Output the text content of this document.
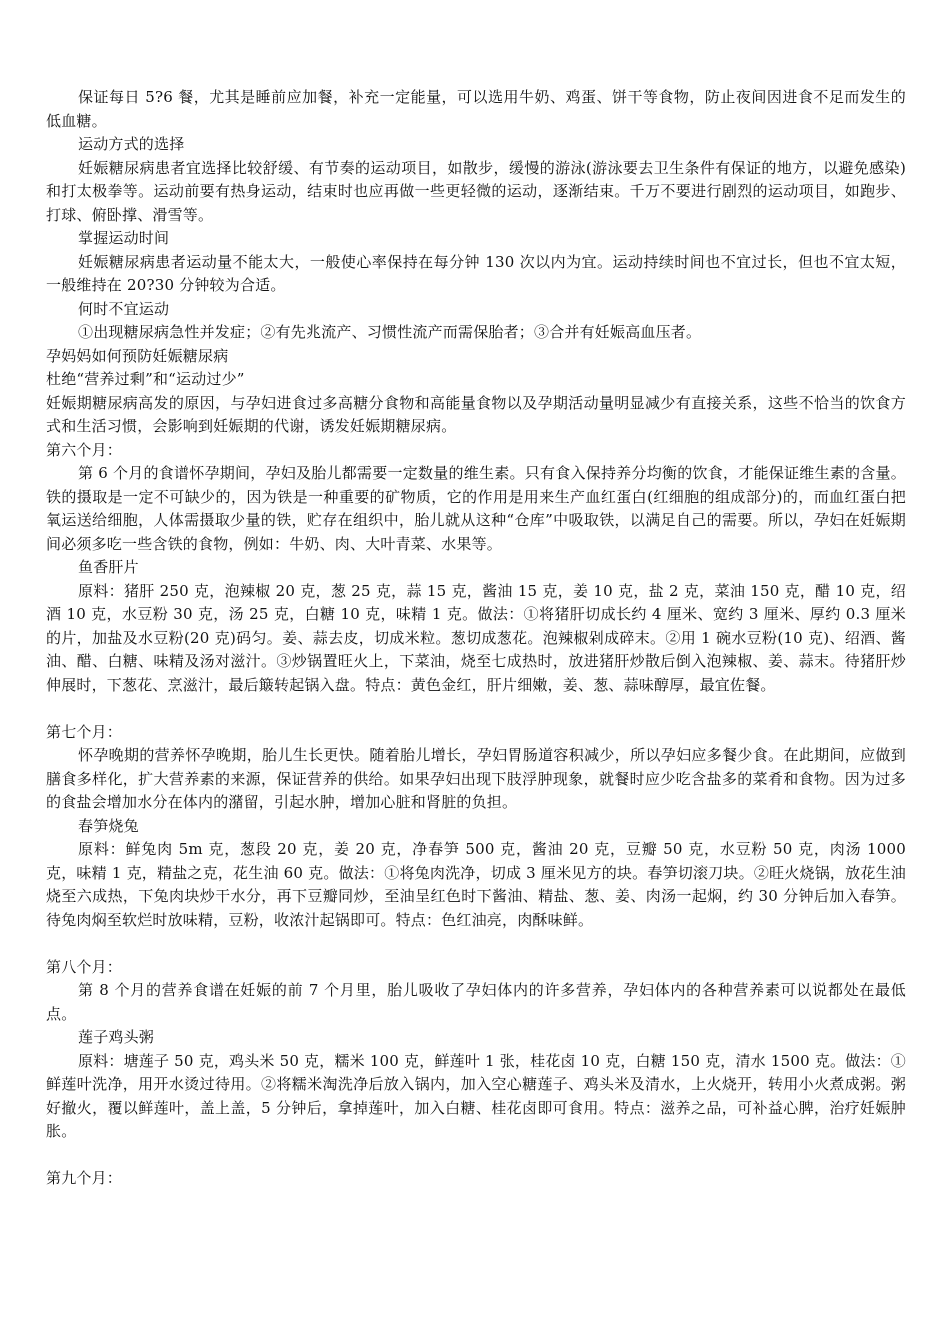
保证每日 5?6 餐，尤其是睡前应加餐，补充一定能量，可以选用牛奶、鸡蛋、饼干等食物，防止夜间因进食不足而发生的低血糖。

运动方式的选择

妊娠糖尿病患者宜选择比较舒缓、有节奏的运动项目，如散步，缓慢的游泳(游泳要去卫生条件有保证的地方，以避免感染)和打太极拳等。运动前要有热身运动，结束时也应再做一些更轻微的运动，逐渐结束。千万不要进行剧烈的运动项目，如跑步、打球、俯卧撑、滑雪等。

掌握运动时间

妊娠糖尿病患者运动量不能太大，一般使心率保持在每分钟 130 次以内为宜。运动持续时间也不宜过长，但也不宜太短，一般维持在 20?30 分钟较为合适。

何时不宜运动

①出现糖尿病急性并发症；②有先兆流产、习惯性流产而需保胎者；③合并有妊娠高血压者。

孕妈妈如何预防妊娠糖尿病

杜绝“营养过剩”和“运动过少”

妊娠期糖尿病高发的原因，与孕妇进食过多高糖分食物和高能量食物以及孕期活动量明显减少有直接关系，这些不恰当的饮食方式和生活习惯，会影响到妊娠期的代谢，诱发妊娠期糖尿病。

第六个月：

第 6 个月的食谱怀孕期间，孕妇及胎儿都需要一定数量的维生素。只有食入保持养分均衡的饮食，才能保证维生素的含量。铁的摄取是一定不可缺少的，因为铁是一种重要的矿物质，它的作用是用来生产血红蛋白(红细胞的组成部分)的，而血红蛋白把氧运送给细胞，人体需摄取少量的铁，贮存在组织中，胎儿就从这种“仓库”中吸取铁，以满足自己的需要。所以，孕妇在妊娠期间必须多吃一些含铁的食物，例如：牛奶、肉、大叶青菜、水果等。

鱼香肝片

原料：猪肝 250 克，泡辣椒 20 克，葱 25 克，蒜 15 克，酱油 15 克，姜 10 克，盐 2 克，菜油 150 克，醋 10 克，绍酒 10 克，水豆粉 30 克，汤 25 克，白糖 10 克，味精 1 克。做法：①将猪肝切成长约 4 厘米、宽约 3 厘米、厚约 0.3 厘米的片，加盐及水豆粉(20 克)码匀。姜、蒜去皮，切成米粒。葱切成葱花。泡辣椒剁成碎末。②用 1 碗水豆粉(10 克)、绍酒、酱油、醋、白糖、味精及汤对滋汁。③炒锅置旺火上，下菜油，烧至七成热时，放进猪肝炒散后倒入泡辣椒、姜、蒜末。待猪肝炒伸展时，下葱花、烹滋汁，最后簸转起锅入盘。特点：黄色金红，肝片细嫩，姜、葱、蒜味醇厚，最宜佐餐。

第七个月：

怀孕晚期的营养怀孕晚期，胎儿生长更快。随着胎儿增长，孕妇胃肠道容积减少，所以孕妇应多餐少食。在此期间，应做到膳食多样化，扩大营养素的来源，保证营养的供给。如果孕妇出现下肢浮肿现象，就餐时应少吃含盐多的菜肴和食物。因为过多的食盐会增加水分在体内的潴留，引起水肿，增加心脏和肾脏的负担。

春笋烧兔

原料：鲜兔肉 5m 克，葱段 20 克，姜 20 克，净春笋 500 克，酱油 20 克，豆瓣 50 克，水豆粉 50 克，肉汤 1000 克，味精 1 克，精盐之克，花生油 60 克。做法：①将兔肉洗净，切成 3 厘米见方的块。春笋切滚刀块。②旺火烧锅，放花生油烧至六成热，下兔肉块炒干水分，再下豆瓣同炒，至油呈红色时下酱油、精盐、葱、姜、肉汤一起焖，约 30 分钟后加入春笋。待兔肉焖至软烂时放味精，豆粉，收浓汁起锅即可。特点：色红油亮，肉酥味鲜。

第八个月：

第 8 个月的营养食谱在妊娠的前 7 个月里，胎儿吸收了孕妇体内的许多营养，孕妇体内的各种营养素可以说都处在最低点。

莲子鸡头粥

原料：塘莲子 50 克，鸡头米 50 克，糯米 100 克，鲜莲叶 1 张，桂花卤 10 克，白糖 150 克，清水 1500 克。做法：①鲜莲叶洗净，用开水烫过待用。②将糯米淘洗净后放入锅内，加入空心糖莲子、鸡头米及清水，上火烧开，转用小火煮成粥。粥好撤火，覆以鲜莲叶，盖上盖，5 分钟后，拿掉莲叶，加入白糖、桂花卤即可食用。特点：滋养之品，可补益心脾，治疗妊娠肿胀。

第九个月：
